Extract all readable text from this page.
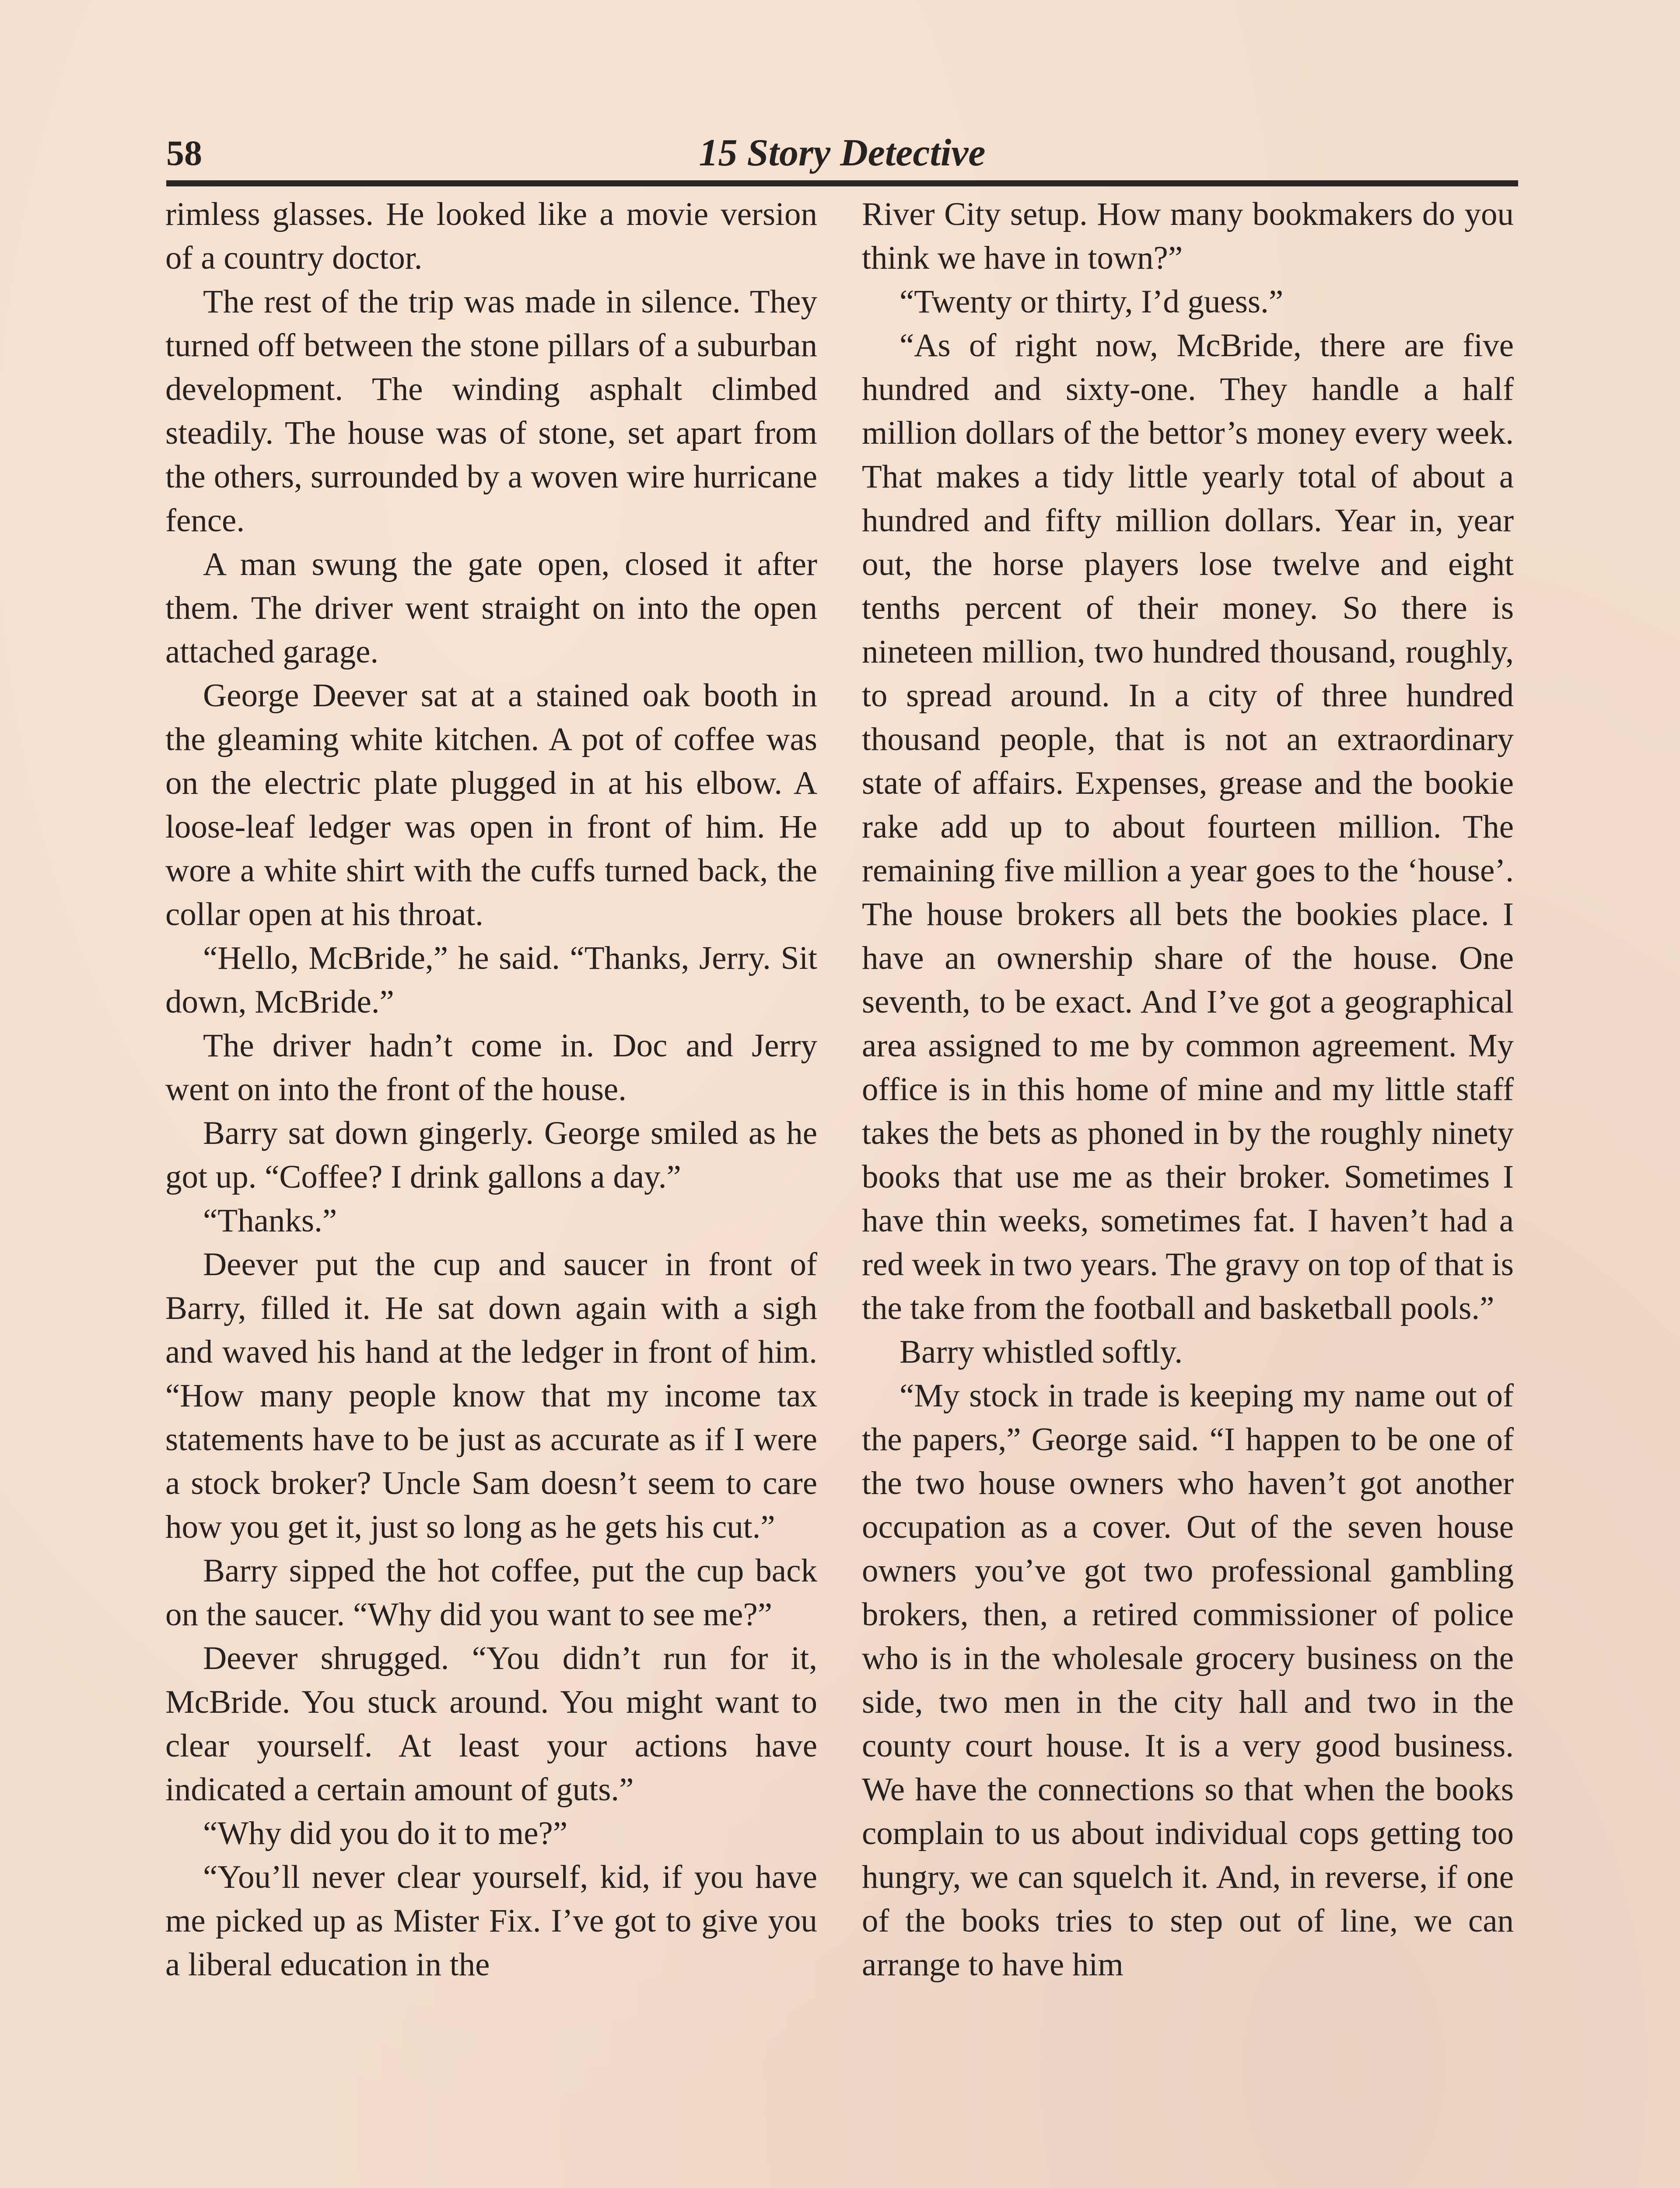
58	15 Story Detective

rimless glasses. He looked like a movie version of a country doctor.

The rest of the trip was made in silence. They turned off between the stone pillars of a suburban development. The winding asphalt climbed steadily. The house was of stone, set apart from the others, surrounded by a woven wire hurricane fence.

A man swung the gate open, closed it after them. The driver went straight on into the open attached garage.

George Deever sat at a stained oak booth in the gleaming white kitchen. A pot of coffee was on the electric plate plugged in at his elbow. A loose-leaf ledger was open in front of him. He wore a white shirt with the cuffs turned back, the collar open at his throat.

“Hello, McBride,” he said. “Thanks, Jerry. Sit down, McBride.”

The driver hadn’t come in. Doc and Jerry went on into the front of the house.

Barry sat down gingerly. George smiled as he got up. “Coffee? I drink gallons a day.”

“Thanks.”

Deever put the cup and saucer in front of Barry, filled it. He sat down again with a sigh and waved his hand at the ledger in front of him. “How many people know that my income tax statements have to be just as accurate as if I were a stock broker? Uncle Sam doesn’t seem to care how you get it, just so long as he gets his cut.”

Barry sipped the hot coffee, put the cup back on the saucer. “Why did you want to see me?”

Deever shrugged. “You didn’t run for it, McBride. You stuck around. You might want to clear yourself. At least your actions have indicated a certain amount of guts.”

“Why did you do it to me?”

“You’ll never clear yourself, kid, if you have me picked up as Mister Fix. I’ve got to give you a liberal education in the

River City setup. How many bookmakers do you think we have in town?”

“Twenty or thirty, I’d guess.”

“As of right now, McBride, there are five hundred and sixty-one. They handle a half million dollars of the bettor’s money every week. That makes a tidy little yearly total of about a hundred and fifty million dollars. Year in, year out, the horse players lose twelve and eight tenths percent of their money. So there is nineteen million, two hundred thousand, roughly, to spread around. In a city of three hundred thousand people, that is not an extraordinary state of affairs. Expenses, grease and the bookie rake add up to about fourteen million. The remaining five million a year goes to the ‘house’. The house brokers all bets the bookies place. I have an ownership share of the house. One seventh, to be exact. And I’ve got a geographical area assigned to me by common agreement. My office is in this home of mine and my little staff takes the bets as phoned in by the roughly ninety books that use me as their broker. Sometimes I have thin weeks, sometimes fat. I haven’t had a red week in two years. The gravy on top of that is the take from the football and basketball pools.”

Barry whistled softly.

“My stock in trade is keeping my name out of the papers,” George said. “I happen to be one of the two house owners who haven’t got another occupation as a cover. Out of the seven house owners you’ve got two professional gambling brokers, then, a retired commissioner of police who is in the wholesale grocery business on the side, two men in the city hall and two in the county court house. It is a very good business. We have the connections so that when the books complain to us about individual cops getting too hungry, we can squelch it. And, in reverse, if one of the books tries to step out of line, we can arrange to have him
